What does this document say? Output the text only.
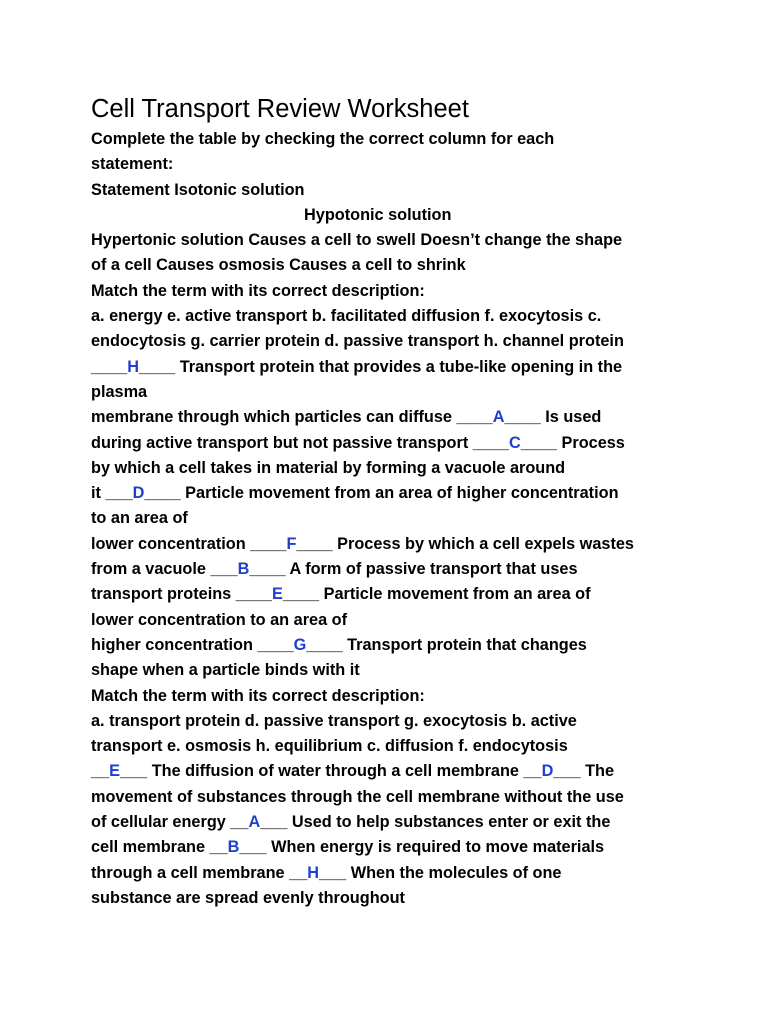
Cell Transport Review Worksheet
Complete the table by checking the correct column for each
statement:
Statement Isotonic solution
Hypotonic solution
Hypertonic solution Causes a cell to swell Doesn’t change the shape
of a cell Causes osmosis Causes a cell to shrink
Match the term with its correct description:
a. energy e. active transport b. facilitated diffusion f. exocytosis c.
endocytosis g. carrier protein d. passive transport h. channel protein
____H____ Transport protein that provides a tube-like opening in the
plasma
membrane through which particles can diffuse ____A____ Is used
during active transport but not passive transport ____C____ Process
by which a cell takes in material by forming a vacuole around
it ___D____ Particle movement from an area of higher concentration
to an area of
lower concentration ____F____ Process by which a cell expels wastes
from a vacuole ___B____ A form of passive transport that uses
transport proteins ____E____ Particle movement from an area of
lower concentration to an area of
higher concentration ____G____ Transport protein that changes
shape when a particle binds with it
Match the term with its correct description:
a. transport protein d. passive transport g. exocytosis b. active
transport e. osmosis h. equilibrium c. diffusion f. endocytosis
__E___ The diffusion of water through a cell membrane __D___ The
movement of substances through the cell membrane without the use
of cellular energy __A___ Used to help substances enter or exit the
cell membrane __B___ When energy is required to move materials
through a cell membrane __H___ When the molecules of one
substance are spread evenly throughout
